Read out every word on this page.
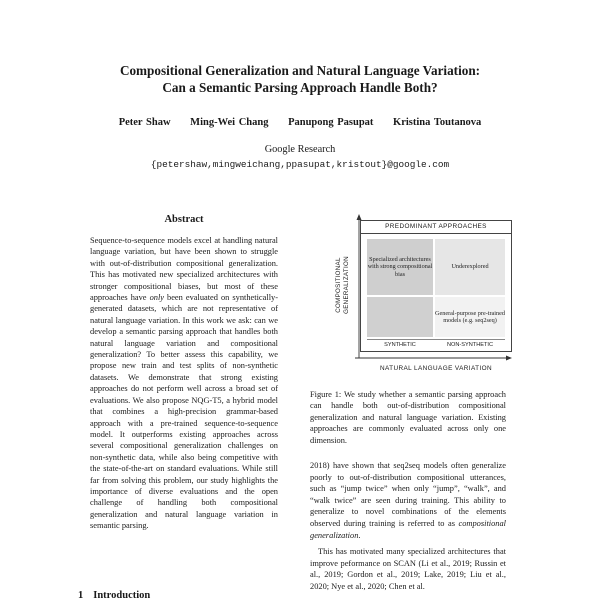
Compositional Generalization and Natural Language Variation:
Can a Semantic Parsing Approach Handle Both?
Peter Shaw Ming-Wei Chang Panupong Pasupat Kristina Toutanova
Google Research
{petershaw,mingweichang,ppasupat,kristout}@google.com
Abstract
Sequence-to-sequence models excel at handling natural language variation, but have been shown to struggle with out-of-distribution compositional generalization. This has motivated new specialized architectures with stronger compositional biases, but most of these approaches have only been evaluated on synthetically-generated datasets, which are not representative of natural language variation. In this work we ask: can we develop a semantic parsing approach that handles both natural language variation and compositional generalization? To better assess this capability, we propose new train and test splits of non-synthetic datasets. We demonstrate that strong existing approaches do not perform well across a broad set of evaluations. We also propose NQG-T5, a hybrid model that combines a high-precision grammar-based approach with a pre-trained sequence-to-sequence model. It outperforms existing approaches across several compositional generalization challenges on non-synthetic data, while also being competitive with the state-of-the-art on standard evaluations. While still far from solving this problem, our study highlights the importance of diverse evaluations and the open challenge of handling both compositional generalization and natural language variation in semantic parsing.
1 Introduction
COMPOSITIONAL GENERALIZATION
PREDOMINANT APPROACHES
Specialized architectures with strong compositional bias
Underexplored
General-purpose pre-trained models (e.g. seq2seq)
SYNTHETIC	NON-SYNTHETIC
NATURAL LANGUAGE VARIATION
Figure 1: We study whether a semantic parsing approach can handle both out-of-distribution compositional generalization and natural language variation. Existing approaches are commonly evaluated across only one dimension.

2018) have shown that seq2seq models often generalize poorly to out-of-distribution compositional utterances, such as “jump twice” when only “jump”, “walk”, and “walk twice” are seen during training. This ability to generalize to novel combinations of the elements observed during training is referred to as compositional generalization.

This has motivated many specialized architectures that improve peformance on SCAN (Li et al., 2019; Russin et al., 2019; Gordon et al., 2019; Lake, 2019; Liu et al., 2020; Nye et al., 2020; Chen et al.
